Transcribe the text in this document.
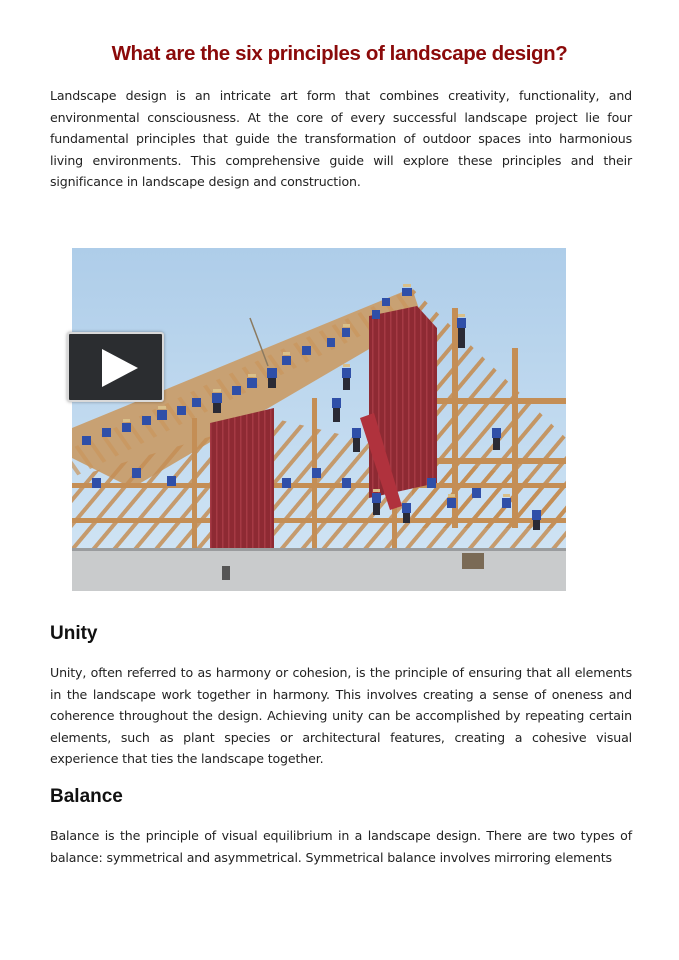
What are the six principles of landscape design?

Landscape design is an intricate art form that combines creativity, functionality, and environmental consciousness. At the core of every successful landscape project lie four fundamental principles that guide the transformation of outdoor spaces into harmonious living environments. This comprehensive guide will explore these principles and their significance in landscape design and construction.

Unity

Unity, often referred to as harmony or cohesion, is the principle of ensuring that all elements in the landscape work together in harmony. This involves creating a sense of oneness and coherence throughout the design. Achieving unity can be accomplished by repeating certain elements, such as plant species or architectural features, creating a cohesive visual experience that ties the landscape together.

Balance

Balance is the principle of visual equilibrium in a landscape design. There are two types of balance: symmetrical and asymmetrical. Symmetrical balance involves mirroring elements
